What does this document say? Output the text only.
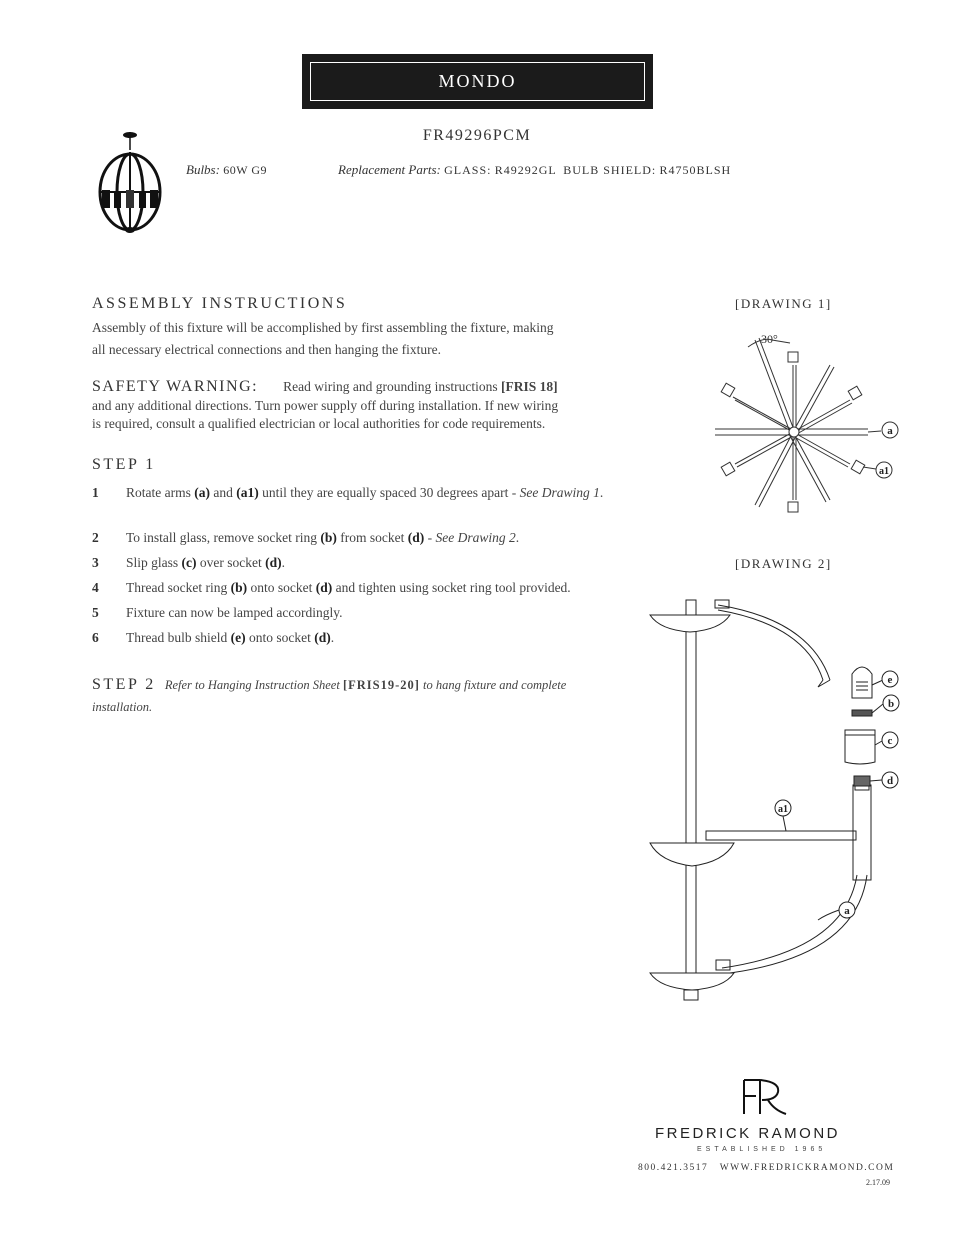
MONDO
FR49296PCM
Bulbs: 60W G9	Replacement Parts: GLASS: R49292GL BULB SHIELD: R4750BLSH
ASSEMBLY INSTRUCTIONS
Assembly of this fixture will be accomplished by first assembling the fixture, making
all necessary electrical connections and then hanging the fixture.
SAFETY WARNING: Read wiring and grounding instructions [FRIS 18]
and any additional directions. Turn power supply off during installation. If new wiring
is required, consult a qualified electrician or local authorities for code requirements.
STEP 1
1 Rotate arms (a) and (a1) until they are equally spaced 30 degrees apart - See Drawing 1.
2 To install glass, remove socket ring (b) from socket (d) - See Drawing 2.
3 Slip glass (c) over socket (d).
4 Thread socket ring (b) onto socket (d) and tighten using socket ring tool provided.
5 Fixture can now be lamped accordingly.
6 Thread bulb shield (e) onto socket (d).
STEP 2 Refer to Hanging Instruction Sheet [FRIS19-20] to hang fixture and complete
installation.
[DRAWING 1]
30°
a
a1
[DRAWING 2]
e
b
c
d
a1
a
FREDRICK RAMOND
ESTABLISHED 1965
800.421.3517   WWW.FREDRICKRAMOND.COM
2.17.09
